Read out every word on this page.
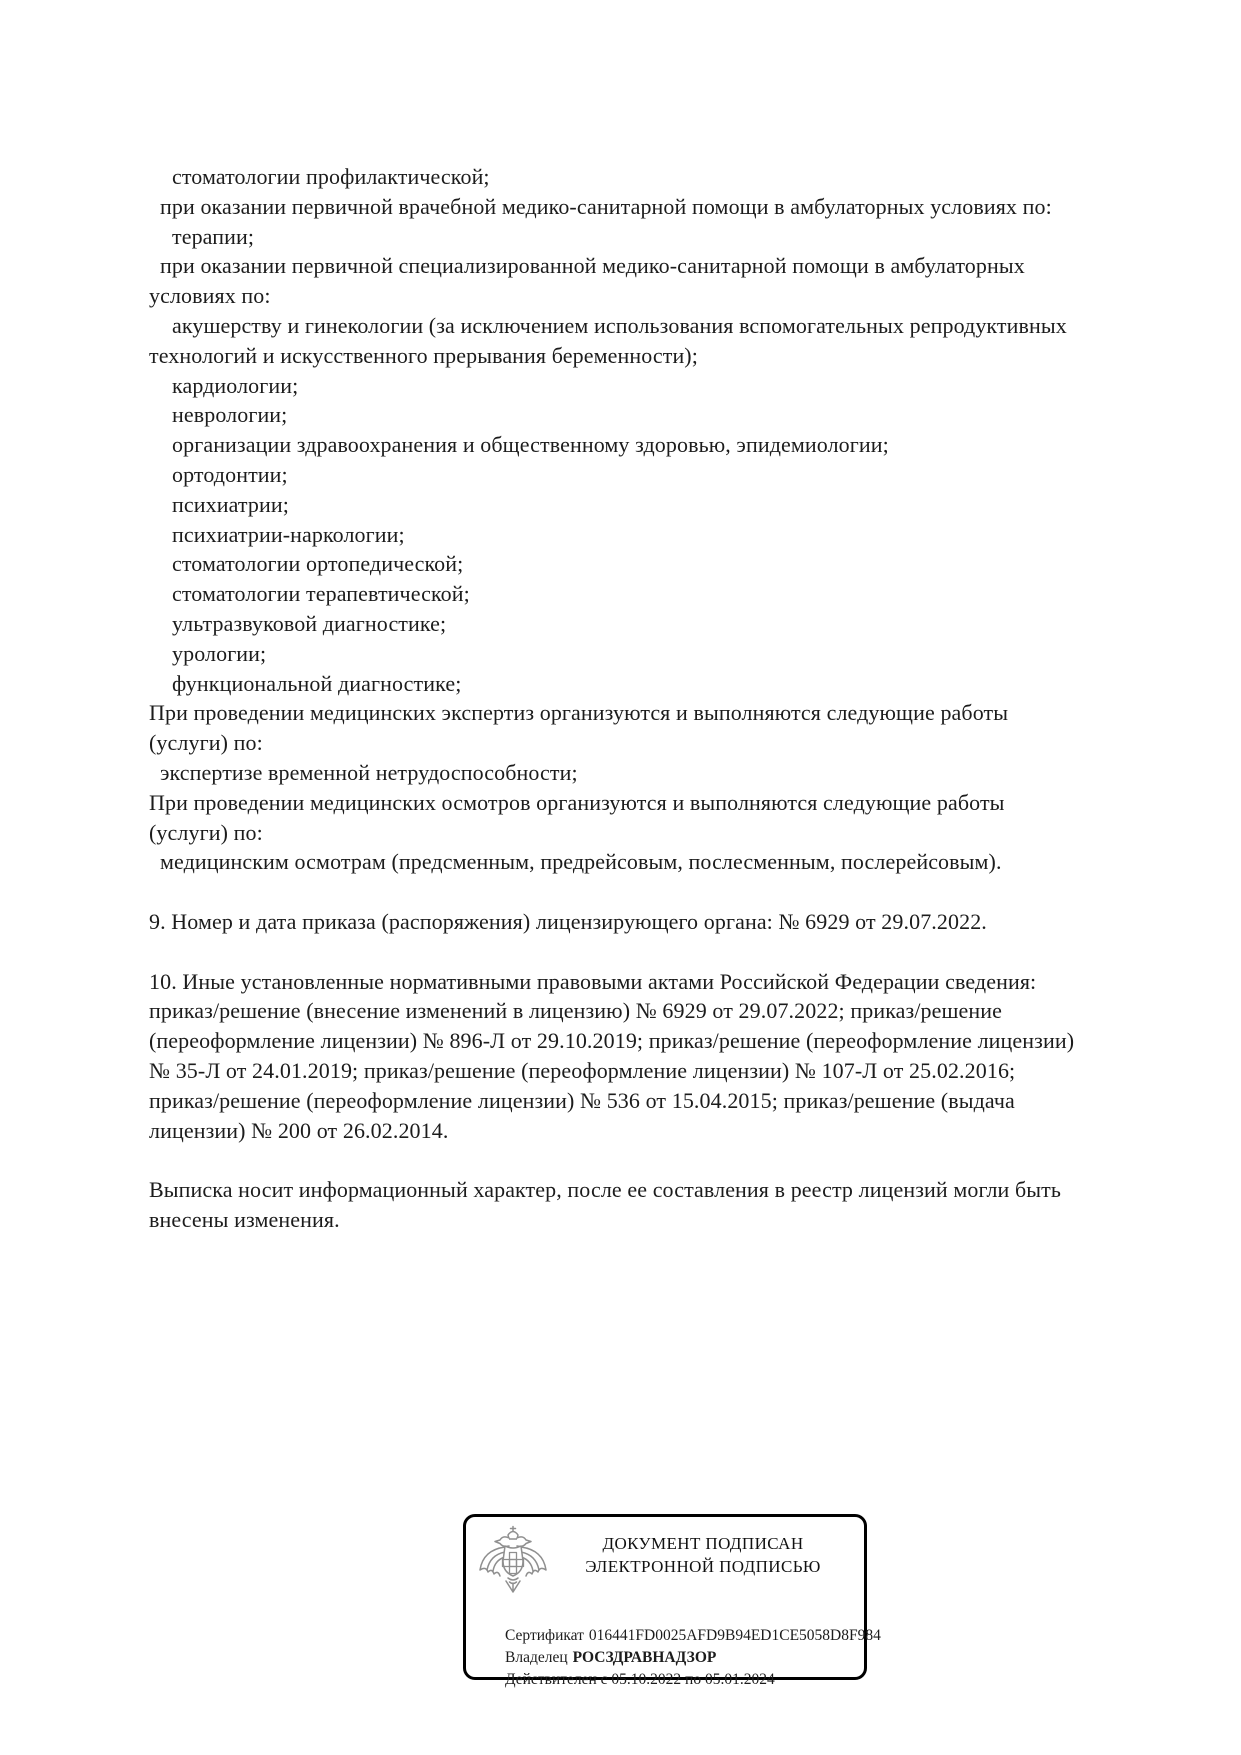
стоматологии профилактической;
при оказании первичной врачебной медико-санитарной помощи в амбулаторных условиях по:
терапии;
при оказании первичной специализированной медико-санитарной помощи в амбулаторных
условиях по:
акушерству и гинекологии (за исключением использования вспомогательных репродуктивных
технологий и искусственного прерывания беременности);
кардиологии;
неврологии;
организации здравоохранения и общественному здоровью, эпидемиологии;
ортодонтии;
психиатрии;
психиатрии-наркологии;
стоматологии ортопедической;
стоматологии терапевтической;
ультразвуковой диагностике;
урологии;
функциональной диагностике;
При проведении медицинских экспертиз организуются и выполняются следующие работы
(услуги) по:
экспертизе временной нетрудоспособности;
При проведении медицинских осмотров организуются и выполняются следующие работы
(услуги) по:
медицинским осмотрам (предсменным, предрейсовым, послесменным, послерейсовым).
9. Номер и дата приказа (распоряжения) лицензирующего органа: № 6929 от 29.07.2022.
10. Иные установленные нормативными правовыми актами Российской Федерации сведения:
приказ/решение (внесение изменений в лицензию) № 6929 от 29.07.2022; приказ/решение
(переоформление лицензии) № 896-Л от 29.10.2019; приказ/решение (переоформление лицензии)
№ 35-Л от 24.01.2019; приказ/решение (переоформление лицензии) № 107-Л от 25.02.2016;
приказ/решение (переоформление лицензии) № 536 от 15.04.2015; приказ/решение (выдача
лицензии) № 200 от 26.02.2014.
Выписка носит информационный характер, после ее составления в реестр лицензий могли быть
внесены изменения.
ДОКУМЕНТ ПОДПИСАН
ЭЛЕКТРОННОЙ ПОДПИСЬЮ

Сертификат 016441FD0025AFD9B94ED1CE5058D8F984

Владелец РОСЗДРАВНАДЗОР

Действителен с 05.10.2022 по 05.01.2024
